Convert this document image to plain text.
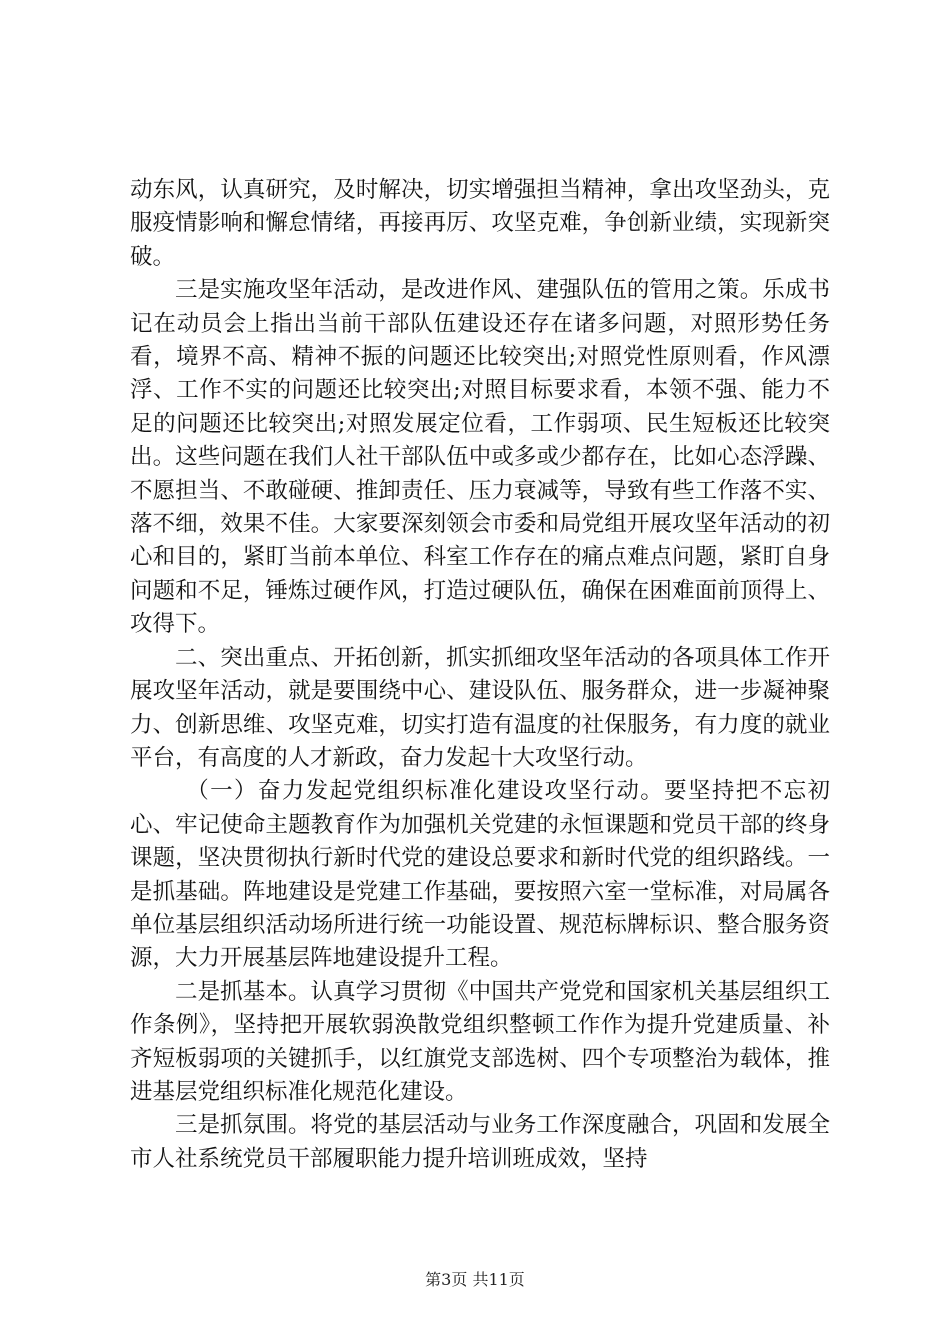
动东风，认真研究，及时解决，切实增强担当精神，拿出攻坚劲头，克服疫情影响和懈怠情绪，再接再厉、攻坚克难，争创新业绩，实现新突破。

三是实施攻坚年活动，是改进作风、建强队伍的管用之策。乐成书记在动员会上指出当前干部队伍建设还存在诸多问题，对照形势任务看，境界不高、精神不振的问题还比较突出;对照党性原则看，作风漂浮、工作不实的问题还比较突出;对照目标要求看，本领不强、能力不足的问题还比较突出;对照发展定位看，工作弱项、民生短板还比较突出。这些问题在我们人社干部队伍中或多或少都存在，比如心态浮躁、不愿担当、不敢碰硬、推卸责任、压力衰减等，导致有些工作落不实、落不细，效果不佳。大家要深刻领会市委和局党组开展攻坚年活动的初心和目的，紧盯当前本单位、科室工作存在的痛点难点问题，紧盯自身问题和不足，锤炼过硬作风，打造过硬队伍，确保在困难面前顶得上、攻得下。

二、突出重点、开拓创新，抓实抓细攻坚年活动的各项具体工作开展攻坚年活动，就是要围绕中心、建设队伍、服务群众，进一步凝神聚力、创新思维、攻坚克难，切实打造有温度的社保服务，有力度的就业平台，有高度的人才新政，奋力发起十大攻坚行动。

（一）奋力发起党组织标准化建设攻坚行动。要坚持把不忘初心、牢记使命主题教育作为加强机关党建的永恒课题和党员干部的终身课题，坚决贯彻执行新时代党的建设总要求和新时代党的组织路线。一是抓基础。阵地建设是党建工作基础，要按照六室一堂标准，对局属各单位基层组织活动场所进行统一功能设置、规范标牌标识、整合服务资源，大力开展基层阵地建设提升工程。

二是抓基本。认真学习贯彻《中国共产党党和国家机关基层组织工作条例》，坚持把开展软弱涣散党组织整顿工作作为提升党建质量、补齐短板弱项的关键抓手，以红旗党支部选树、四个专项整治为载体，推进基层党组织标准化规范化建设。

三是抓氛围。将党的基层活动与业务工作深度融合，巩固和发展全市人社系统党员干部履职能力提升培训班成效，坚持

第3页 共11页
